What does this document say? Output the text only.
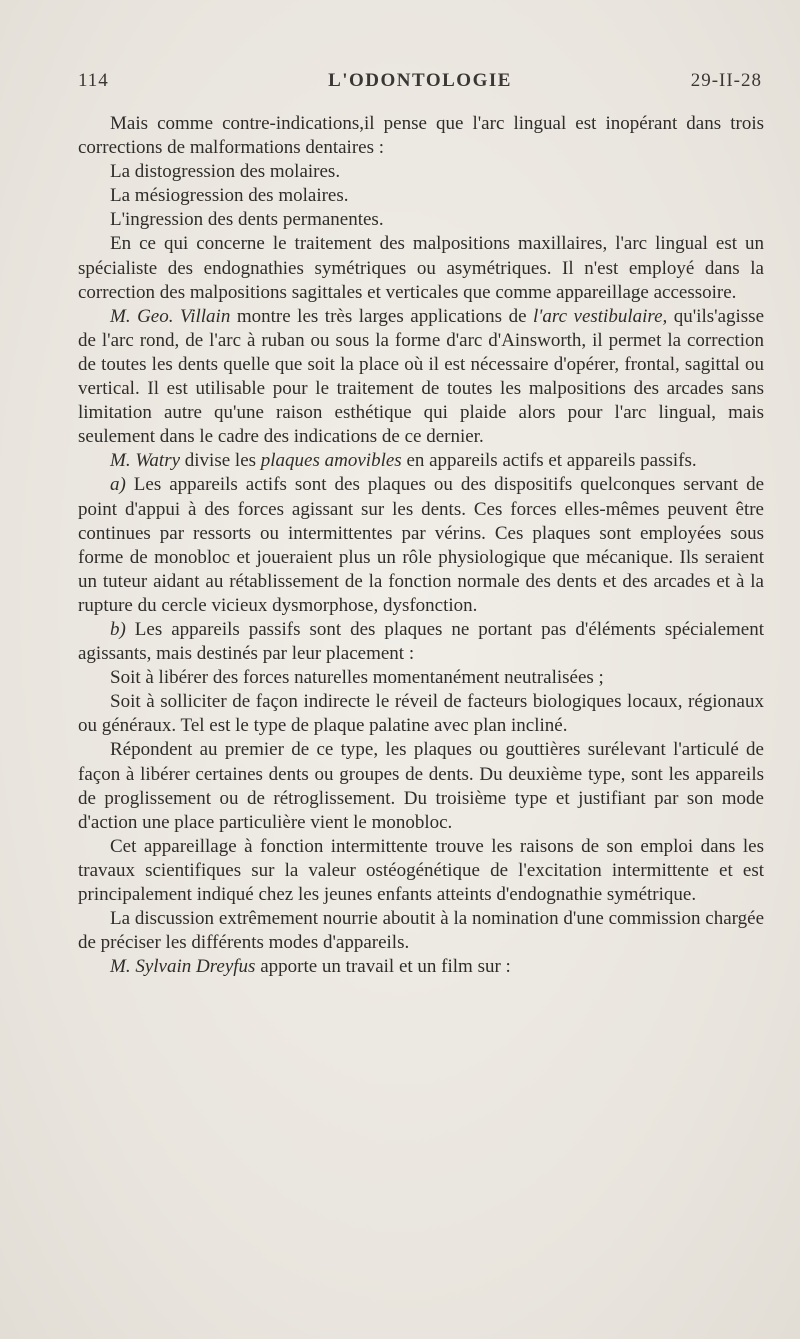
114	L'ODONTOLOGIE	29-II-28

Mais comme contre-indications,il pense que l'arc lingual est inopérant dans trois corrections de malformations dentaires :

La distogression des molaires.

La mésiogression des molaires.

L'ingression des dents permanentes.

En ce qui concerne le traitement des malpositions maxillaires, l'arc lingual est un spécialiste des endognathies symétriques ou asymétriques. Il n'est employé dans la correction des malpositions sagittales et verticales que comme appareillage accessoire.

M. Geo. Villain montre les très larges applications de l'arc vestibulaire, qu'ils'agisse de l'arc rond, de l'arc à ruban ou sous la forme d'arc d'Ainsworth, il permet la correction de toutes les dents quelle que soit la place où il est nécessaire d'opérer, frontal, sagittal ou vertical. Il est utilisable pour le traitement de toutes les malpositions des arcades sans limitation autre qu'une raison esthétique qui plaide alors pour l'arc lingual, mais seulement dans le cadre des indications de ce dernier.

M. Watry divise les plaques amovibles en appareils actifs et appareils passifs.

a) Les appareils actifs sont des plaques ou des dispositifs quelconques servant de point d'appui à des forces agissant sur les dents. Ces forces elles-mêmes peuvent être continues par ressorts ou intermittentes par vérins. Ces plaques sont employées sous forme de monobloc et joueraient plus un rôle physiologique que mécanique. Ils seraient un tuteur aidant au rétablissement de la fonction normale des dents et des arcades et à la rupture du cercle vicieux dysmorphose, dysfonction.

b) Les appareils passifs sont des plaques ne portant pas d'éléments spécialement agissants, mais destinés par leur placement :

Soit à libérer des forces naturelles momentanément neutralisées ;

Soit à solliciter de façon indirecte le réveil de facteurs biologiques locaux, régionaux ou généraux. Tel est le type de plaque palatine avec plan incliné.

Répondent au premier de ce type, les plaques ou gouttières surélevant l'articulé de façon à libérer certaines dents ou groupes de dents. Du deuxième type, sont les appareils de proglissement ou de rétroglissement. Du troisième type et justifiant par son mode d'action une place particulière vient le monobloc.

Cet appareillage à fonction intermittente trouve les raisons de son emploi dans les travaux scientifiques sur la valeur ostéogénétique de l'excitation intermittente et est principalement indiqué chez les jeunes enfants atteints d'endognathie symétrique.

La discussion extrêmement nourrie aboutit à la nomination d'une commission chargée de préciser les différents modes d'appareils.

M. Sylvain Dreyfus apporte un travail et un film sur :
